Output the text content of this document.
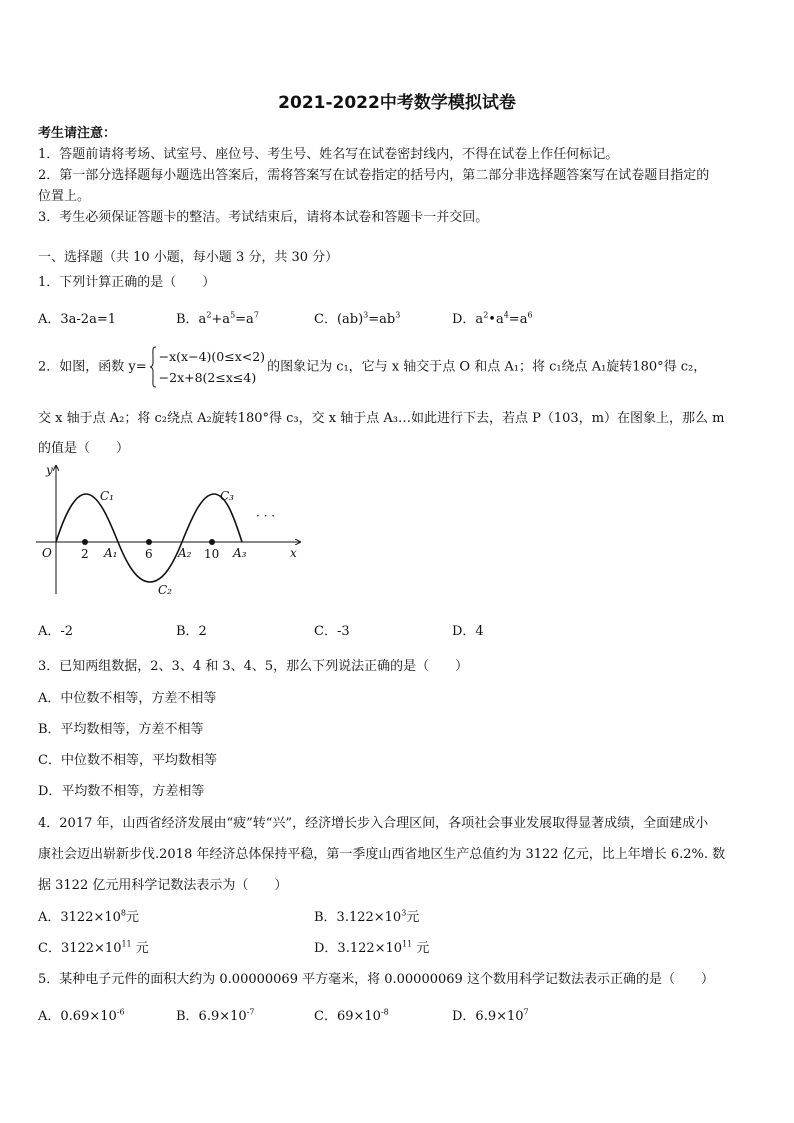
2021-2022中考数学模拟试卷
考生请注意：
1．答题前请将考场、试室号、座位号、考生号、姓名写在试卷密封线内，不得在试卷上作任何标记。
2．第一部分选择题每小题选出答案后，需将答案写在试卷指定的括号内，第二部分非选择题答案写在试卷题目指定的
位置上。
3．考生必须保证答题卡的整洁。考试结束后，请将本试卷和答题卡一并交回。
一、选择题（共 10 小题，每小题 3 分，共 30 分）
1．下列计算正确的是（　　）
A．3a-2a=1	B．$a^2+a^5=a^7$	C．$(ab)^3=ab^3$	D．$a^2•a^4=a^6$
2．如图，函数 y=
−x(x−4)(0≤x<2)
−2x+8(2≤x≤4)的图象记为 c₁，它与 x 轴交于点 O 和点 A₁；将 c₁绕点 A₁旋转180°得 c₂，
交 x 轴于点 A₂；将 c₂绕点 A₂旋转180°得 c₃，交 x 轴于点 A₃…如此进行下去，若点 P（103，m）在图象上，那么 m
的值是（　　）
y
x
O 2	6	10
A₁	A₂	A₃
C₁
C₂
C₃
· · ·
A．-2	B．2	C．-3	D．4
3．已知两组数据，2、3、4 和 3、4、5，那么下列说法正确的是（　　）
A．中位数不相等，方差不相等
B．平均数相等，方差不相等
C．中位数不相等，平均数相等
D．平均数不相等，方差相等
4．2017 年，山西省经济发展由“疲”转“兴”，经济增长步入合理区间，各项社会事业发展取得显著成绩，全面建成小
康社会迈出崭新步伐.2018 年经济总体保持平稳，第一季度山西省地区生产总值约为 3122 亿元，比上年增长 6.2%. 数
据 3122 亿元用科学记数法表示为（　　）
A．$3122\times 10^8$元	B．$3.122\times 10^3$元
C．$3122\times 10^{11}$ 元	D．$3.122\times 10^{11}$ 元
5．某种电子元件的面积大约为 0.00000069 平方毫米，将 0.00000069 这个数用科学记数法表示正确的是（　　）
A．$0.69\times 10^{-6}$	B．$6.9\times 10^{-7}$	C．$69\times 10^{-8}$	D．$6.9\times 10^7$
